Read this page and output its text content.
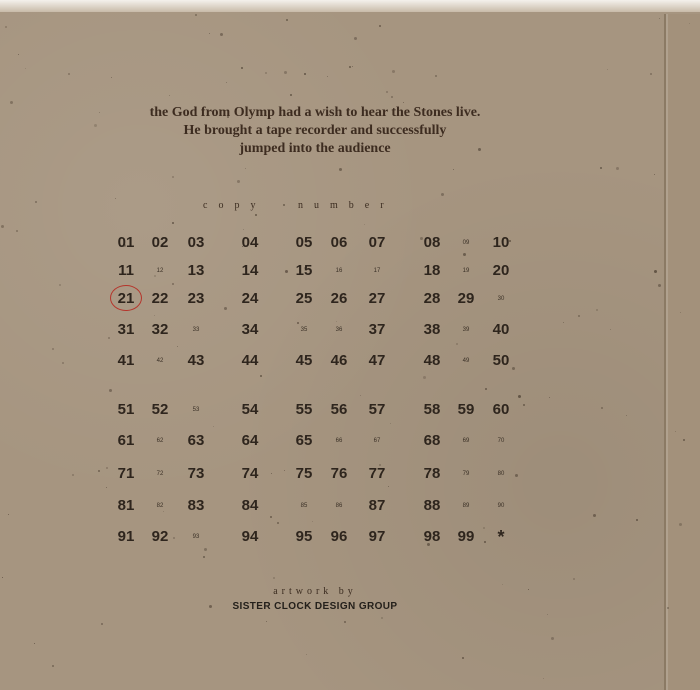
the God from Olymp had a wish to hear the Stones live.
He brought a tape recorder and successfully
jumped into the audience
copy	number
01	02	03	04	05	06	07	08	09	10
11	12	13	14	15	16	17	18	19	20
21	22	23	24	25	26	27	28	29	30
31	32	33	34	35	36	37	38	39	40
41	42	43	44	45	46	47	48	49	50
51	52	53	54	55	56	57	58	59	60
61	62	63	64	65	66	67	68	69	70
71	72	73	74	75	76	77	78	79	80
81	82	83	84	85	86	87	88	89	90
91	92	93	94	95	96	97	98	99	*
artwork by
SISTER CLOCK DESIGN GROUP
